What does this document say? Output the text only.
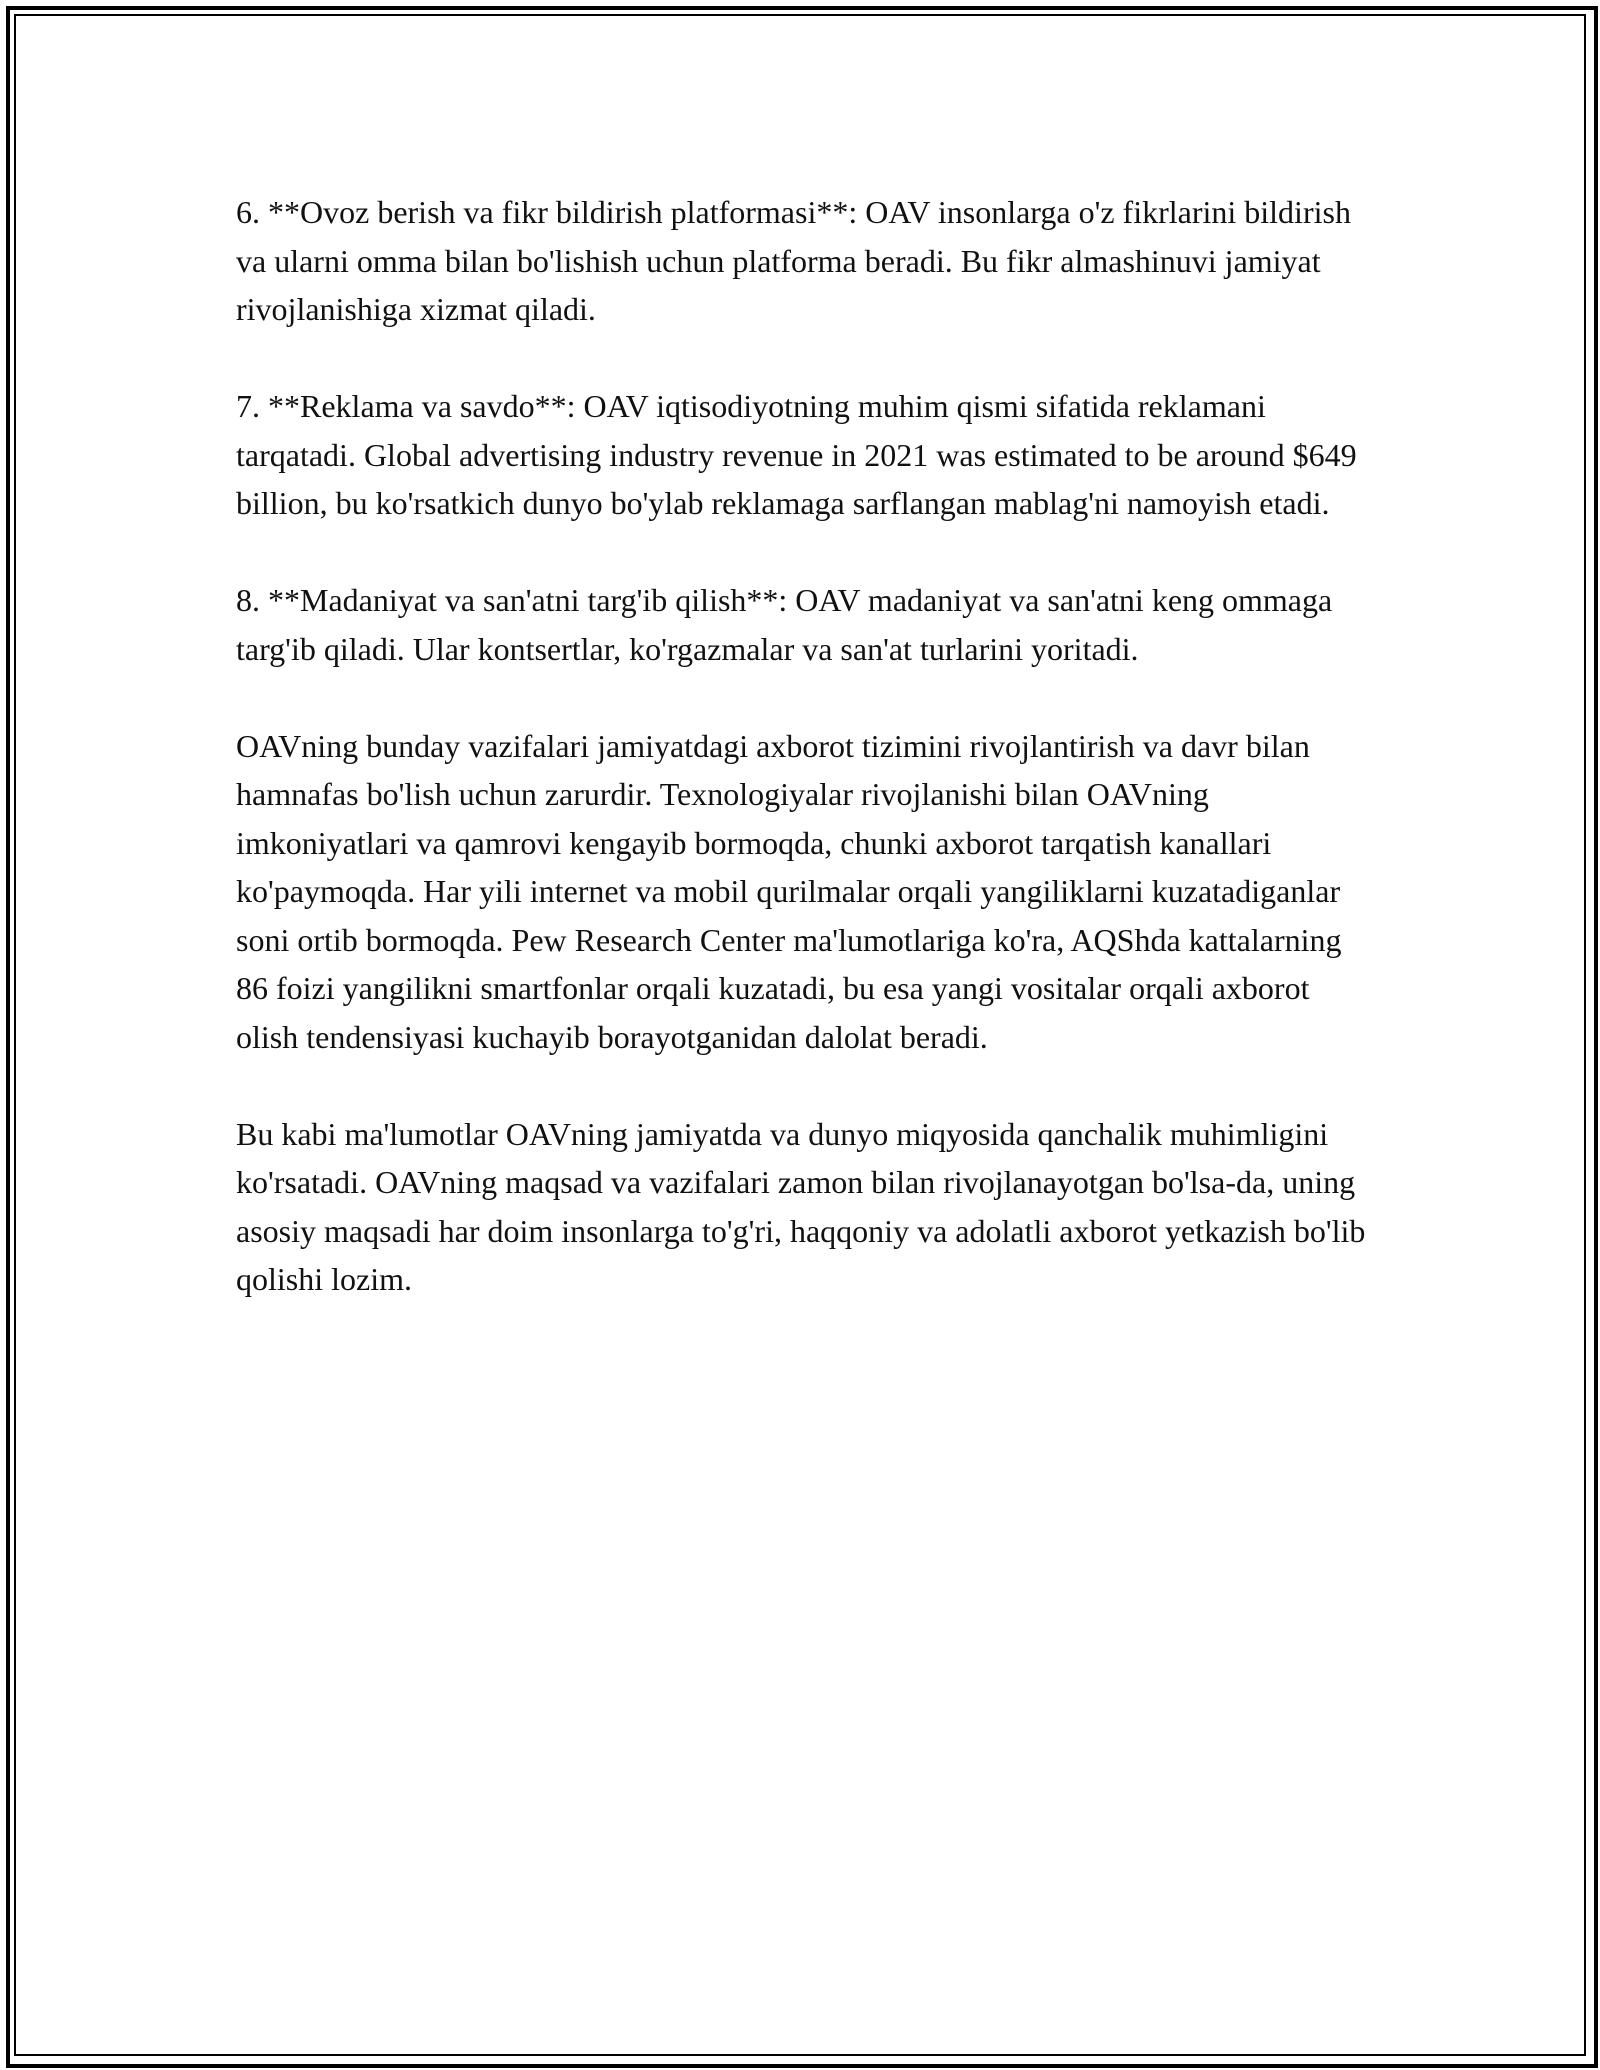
6. **Ovoz berish va fikr bildirish platformasi**: OAV insonlarga o'z fikrlarini bildirish va ularni omma bilan bo'lishish uchun platforma beradi. Bu fikr almashinuvi jamiyat rivojlanishiga xizmat qiladi.

7. **Reklama va savdo**: OAV iqtisodiyotning muhim qismi sifatida reklamani tarqatadi. Global advertising industry revenue in 2021 was estimated to be around $649 billion, bu ko'rsatkich dunyo bo'ylab reklamaga sarflangan mablag'ni namoyish etadi.

8. **Madaniyat va san'atni targ'ib qilish**: OAV madaniyat va san'atni keng ommaga targ'ib qiladi. Ular kontsertlar, ko'rgazmalar va san'at turlarini yoritadi.

OAVning bunday vazifalari jamiyatdagi axborot tizimini rivojlantirish va davr bilan hamnafas bo'lish uchun zarurdir. Texnologiyalar rivojlanishi bilan OAVning imkoniyatlari va qamrovi kengayib bormoqda, chunki axborot tarqatish kanallari ko'paymoqda. Har yili internet va mobil qurilmalar orqali yangiliklarni kuzatadiganlar soni ortib bormoqda. Pew Research Center ma'lumotlariga ko'ra, AQShda kattalarning 86 foizi yangilikni smartfonlar orqali kuzatadi, bu esa yangi vositalar orqali axborot olish tendensiyasi kuchayib borayotganidan dalolat beradi.

Bu kabi ma'lumotlar OAVning jamiyatda va dunyo miqyosida qanchalik muhimligini ko'rsatadi. OAVning maqsad va vazifalari zamon bilan rivojlanayotgan bo'lsa-da, uning asosiy maqsadi har doim insonlarga to'g'ri, haqqoniy va adolatli axborot yetkazish bo'lib qolishi lozim.
